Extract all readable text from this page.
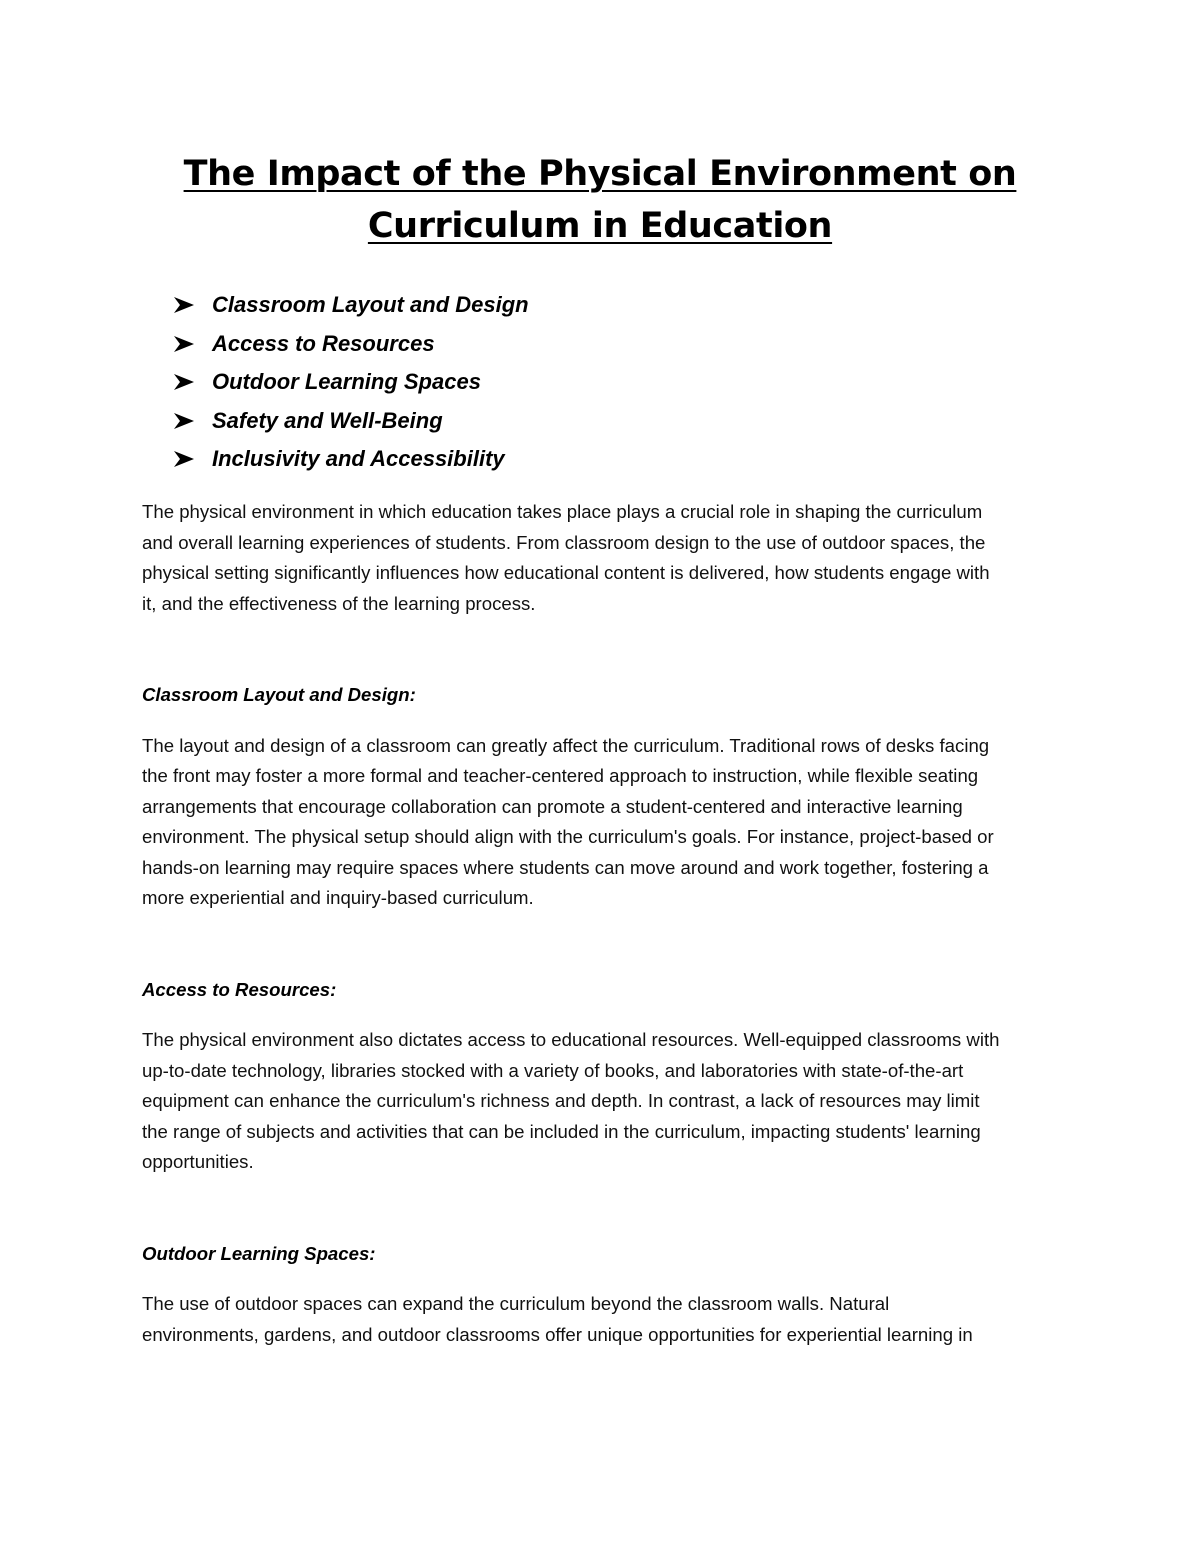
The Impact of the Physical Environment on
Curriculum in Education
Classroom Layout and Design
Access to Resources
Outdoor Learning Spaces
Safety and Well-Being
Inclusivity and Accessibility

The physical environment in which education takes place plays a crucial role in shaping the curriculum
and overall learning experiences of students. From classroom design to the use of outdoor spaces, the
physical setting significantly influences how educational content is delivered, how students engage with
it, and the effectiveness of the learning process.

Classroom Layout and Design:

The layout and design of a classroom can greatly affect the curriculum. Traditional rows of desks facing
the front may foster a more formal and teacher-centered approach to instruction, while flexible seating
arrangements that encourage collaboration can promote a student-centered and interactive learning
environment. The physical setup should align with the curriculum's goals. For instance, project-based or
hands-on learning may require spaces where students can move around and work together, fostering a
more experiential and inquiry-based curriculum.

Access to Resources:

The physical environment also dictates access to educational resources. Well-equipped classrooms with
up-to-date technology, libraries stocked with a variety of books, and laboratories with state-of-the-art
equipment can enhance the curriculum's richness and depth. In contrast, a lack of resources may limit
the range of subjects and activities that can be included in the curriculum, impacting students' learning
opportunities.

Outdoor Learning Spaces:

The use of outdoor spaces can expand the curriculum beyond the classroom walls. Natural
environments, gardens, and outdoor classrooms offer unique opportunities for experiential learning in
